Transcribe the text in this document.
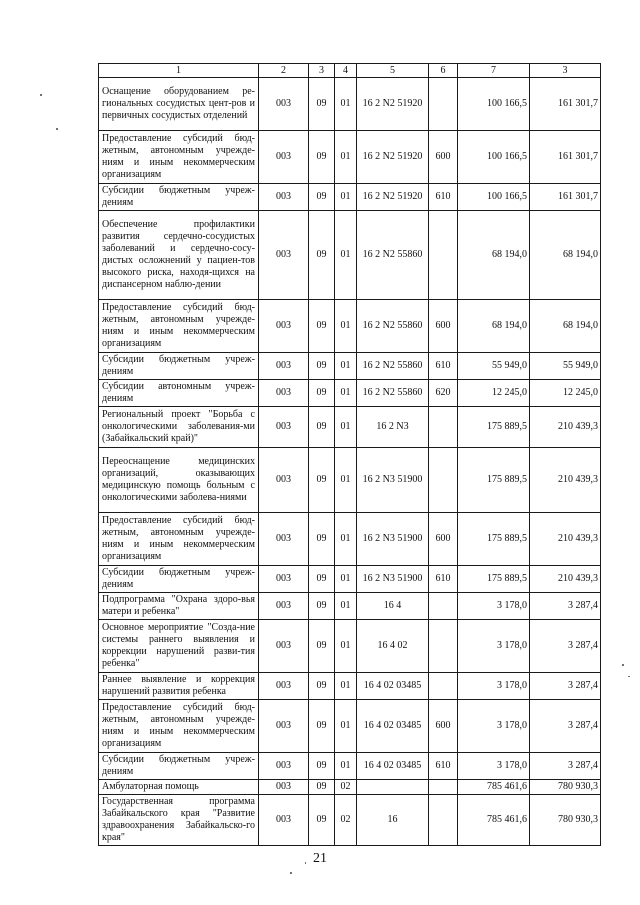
1	2	3	4	5	6	7	3
Оснащение оборудованием ре-гиональных сосудистых цент-ров и первичных сосудистых отделений	003	09	01	16 2 N2 51920		100 166,5	161 301,7
Предоставление субсидий бюд-жетным, автономным учрежде-ниям и иным некоммерческим организациям	003	09	01	16 2 N2 51920	600	100 166,5	161 301,7
Субсидии бюджетным учреж-дениям	003	09	01	16 2 N2 51920	610	100 166,5	161 301,7
Обеспечение профилактики развития сердечно-сосудистых заболеваний и сердечно-сосу-дистых осложнений у пациен-тов высокого риска, находя-щихся на диспансерном наблю-дении	003	09	01	16 2 N2 55860		68 194,0	68 194,0
Предоставление субсидий бюд-жетным, автономным учрежде-ниям и иным некоммерческим организациям	003	09	01	16 2 N2 55860	600	68 194,0	68 194,0
Субсидии бюджетным учреж-дениям	003	09	01	16 2 N2 55860	610	55 949,0	55 949,0
Субсидии автономным учреж-дениям	003	09	01	16 2 N2 55860	620	12 245,0	12 245,0
Региональный проект "Борьба с онкологическими заболевания-ми (Забайкальский край)"	003	09	01	16 2 N3		175 889,5	210 439,3
Переоснащение медицинских организаций, оказывающих медицинскую помощь больным с онкологическими заболева-ниями	003	09	01	16 2 N3 51900		175 889,5	210 439,3
Предоставление субсидий бюд-жетным, автономным учрежде-ниям и иным некоммерческим организациям	003	09	01	16 2 N3 51900	600	175 889,5	210 439,3
Субсидии бюджетным учреж-дениям	003	09	01	16 2 N3 51900	610	175 889,5	210 439,3
Подпрограмма "Охрана здоро-вья матери и ребенка"	003	09	01	16 4		3 178,0	3 287,4
Основное мероприятие "Созда-ние системы раннего выявления и коррекции нарушений разви-тия ребенка"	003	09	01	16 4 02		3 178,0	3 287,4
Раннее выявление и коррекция нарушений развития ребенка	003	09	01	16 4 02 03485		3 178,0	3 287,4
Предоставление субсидий бюд-жетным, автономным учрежде-ниям и иным некоммерческим организациям	003	09	01	16 4 02 03485	600	3 178,0	3 287,4
Субсидии бюджетным учреж-дениям	003	09	01	16 4 02 03485	610	3 178,0	3 287,4
Амбулаторная помощь	003	09	02			785 461,6	780 930,3
Государственная программа Забайкальского края "Развитие здравоохранения Забайкальско-го края"	003	09	02	16		785 461,6	780 930,3
21
